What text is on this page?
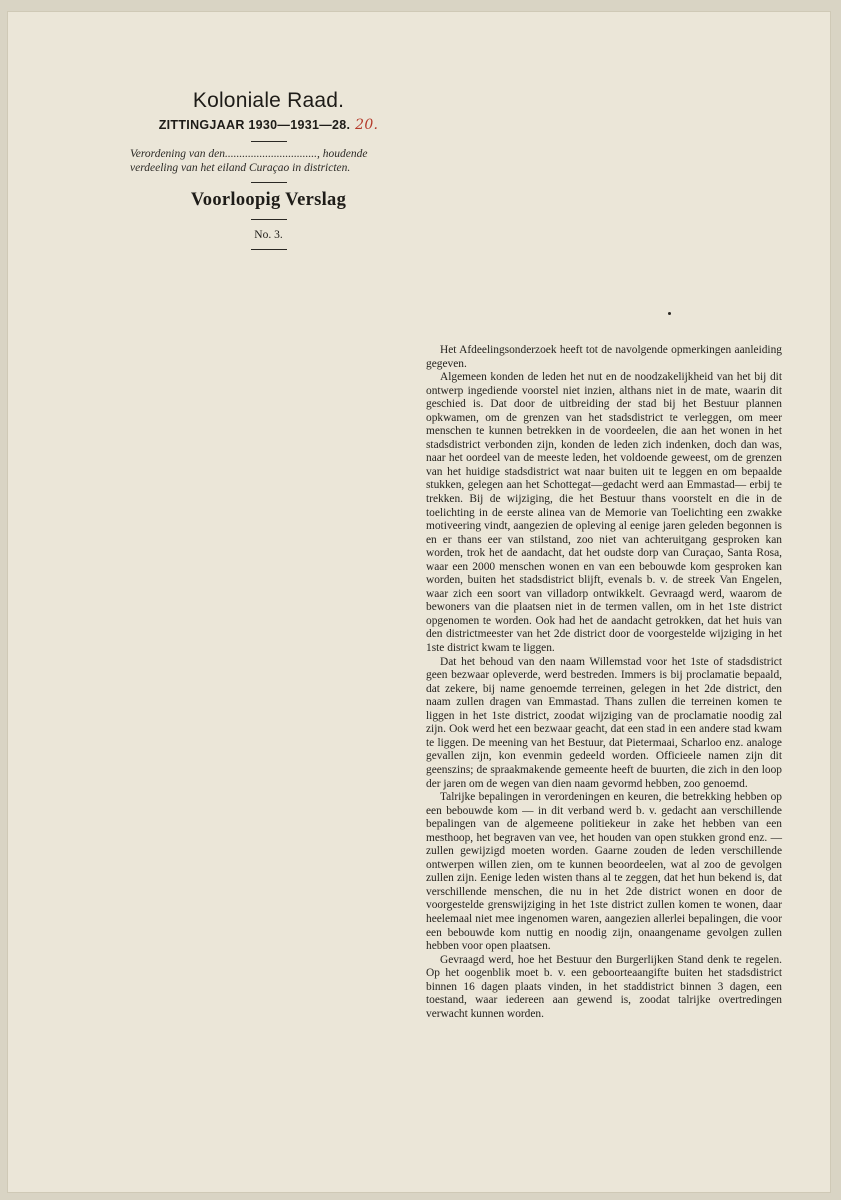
Koloniale Raad.
ZITTINGJAAR 1930—1931—28. 20.
Verordening van den................................, houdende verdeeling van het eiland Curaçao in districten.
Voorloopig Verslag
No. 3.

Het Afdeelingsonderzoek heeft tot de navolgende opmerkingen aanleiding gegeven.

Algemeen konden de leden het nut en de noodzakelijkheid van het bij dit ontwerp ingediende voorstel niet inzien, althans niet in de mate, waarin dit geschied is. Dat door de uitbreiding der stad bij het Bestuur plannen opkwamen, om de grenzen van het stadsdistrict te verleggen, om meer menschen te kunnen betrekken in de voordeelen, die aan het wonen in het stadsdistrict verbonden zijn, konden de leden zich indenken, doch dan was, naar het oordeel van de meeste leden, het voldoende geweest, om de grenzen van het huidige stadsdistrict wat naar buiten uit te leggen en om bepaalde stukken, gelegen aan het Schottegat—gedacht werd aan Emmastad— erbij te trekken. Bij de wijziging, die het Bestuur thans voorstelt en die in de toelichting in de eerste alinea van de Memorie van Toelichting een zwakke motiveering vindt, aangezien de opleving al eenige jaren geleden begonnen is en er thans eer van stilstand, zoo niet van achteruitgang gesproken kan worden, trok het de aandacht, dat het oudste dorp van Curaçao, Santa Rosa, waar een 2000 menschen wonen en van een bebouwde kom gesproken kan worden, buiten het stadsdistrict blijft, evenals b. v. de streek Van Engelen, waar zich een soort van villadorp ontwikkelt. Gevraagd werd, waarom de bewoners van die plaatsen niet in de termen vallen, om in het 1ste district opgenomen te worden. Ook had het de aandacht getrokken, dat het huis van den districtmeester van het 2de district door de voorgestelde wijziging in het 1ste district kwam te liggen.

Dat het behoud van den naam Willemstad voor het 1ste of stadsdistrict geen bezwaar opleverde, werd bestreden. Immers is bij proclamatie bepaald, dat zekere, bij name genoemde terreinen, gelegen in het 2de district, den naam zullen dragen van Emmastad. Thans zullen die terreinen komen te liggen in het 1ste district, zoodat wijziging van de proclamatie noodig zal zijn. Ook werd het een bezwaar geacht, dat een stad in een andere stad kwam te liggen. De meening van het Bestuur, dat Pietermaai, Scharloo enz. analoge gevallen zijn, kon evenmin gedeeld worden. Officieele namen zijn dit geenszins; de spraakmakende gemeente heeft de buurten, die zich in den loop der jaren om de wegen van dien naam gevormd hebben, zoo genoemd.

Talrijke bepalingen in verordeningen en keuren, die betrekking hebben op een bebouwde kom — in dit verband werd b. v. gedacht aan verschillende bepalingen van de algemeene politiekeur in zake het hebben van een mesthoop, het begraven van vee, het houden van open stukken grond enz. — zullen gewijzigd moeten worden. Gaarne zouden de leden verschillende ontwerpen willen zien, om te kunnen beoordeelen, wat al zoo de gevolgen zullen zijn. Eenige leden wisten thans al te zeggen, dat het hun bekend is, dat verschillende menschen, die nu in het 2de district wonen en door de voorgestelde grenswijziging in het 1ste district zullen komen te wonen, daar heelemaal niet mee ingenomen waren, aangezien allerlei bepalingen, die voor een bebouwde kom nuttig en noodig zijn, onaangename gevolgen zullen hebben voor open plaatsen.

Gevraagd werd, hoe het Bestuur den Burgerlijken Stand denk te regelen. Op het oogenblik moet b. v. een geboorteaangifte buiten het stadsdistrict binnen 16 dagen plaats vinden, in het staddistrict binnen 3 dagen, een toestand, waar iedereen aan gewend is, zoodat talrijke overtredingen verwacht kunnen worden.
